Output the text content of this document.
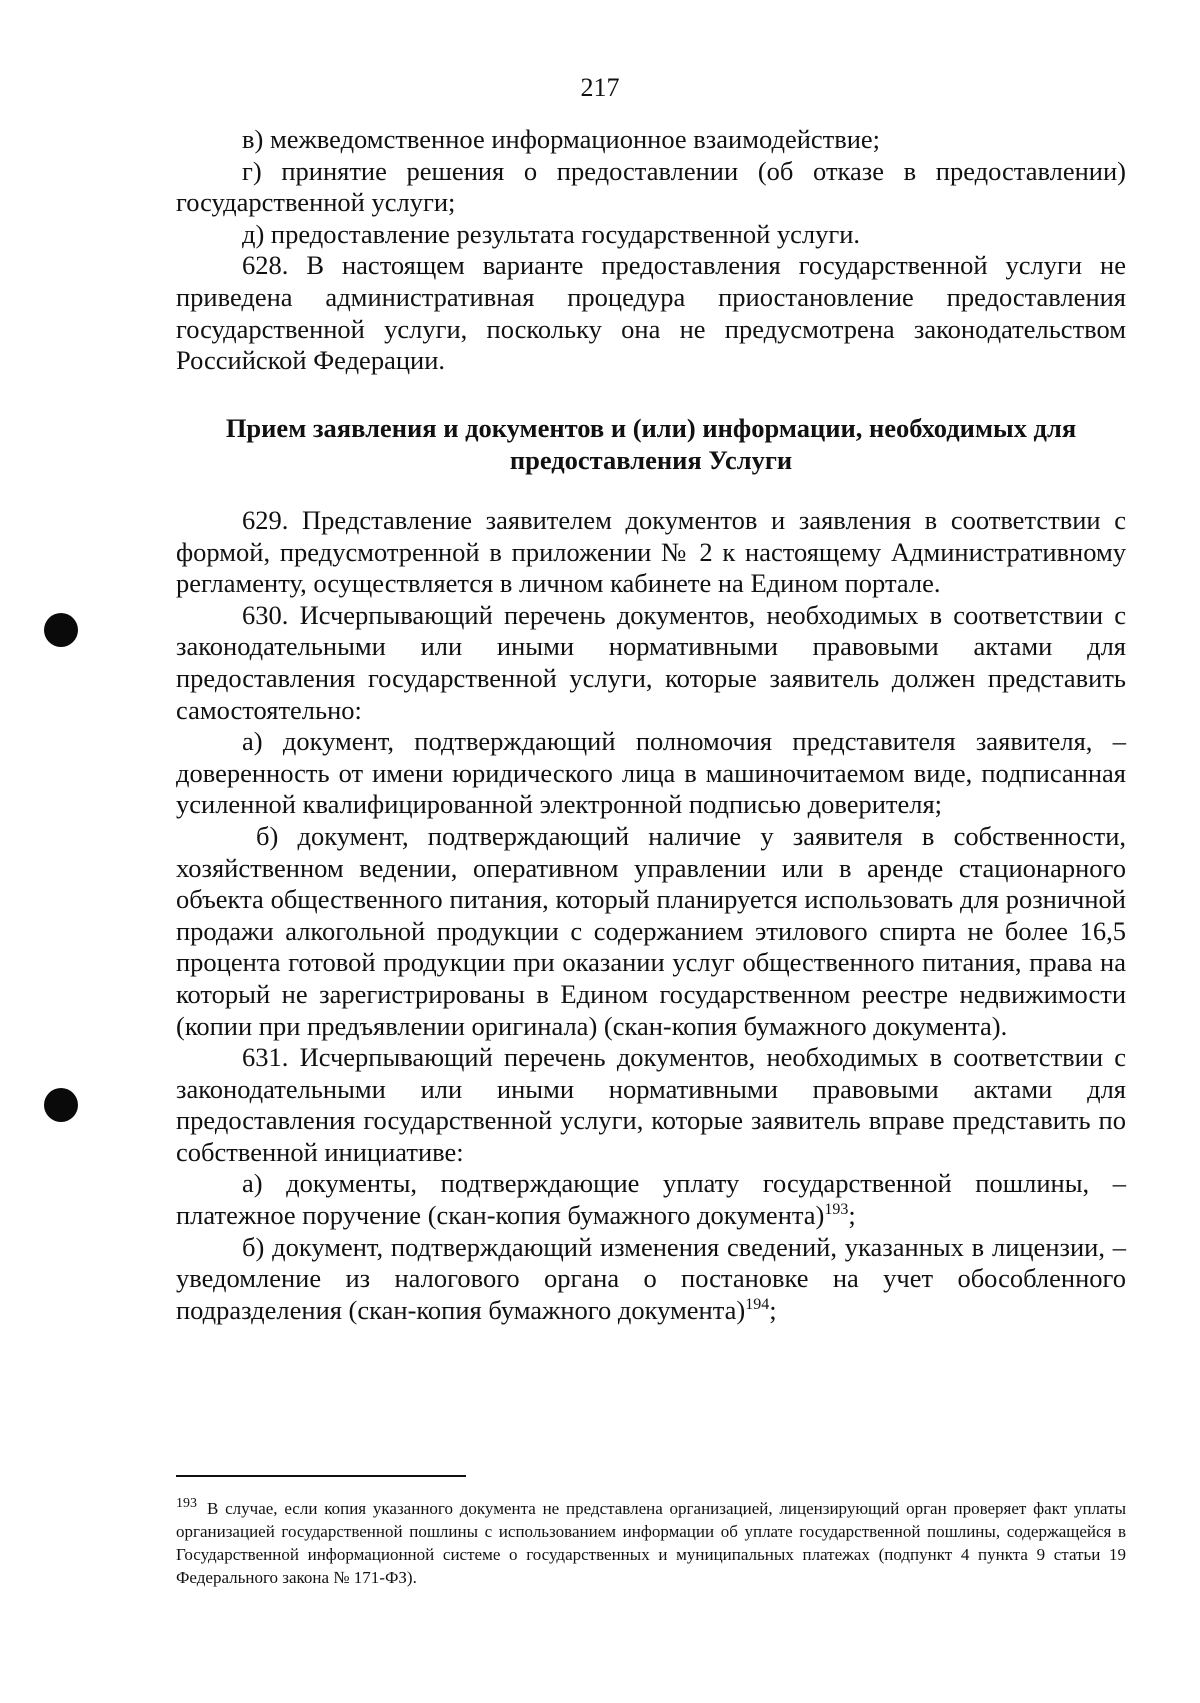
217

в) межведомственное информационное взаимодействие;

г) принятие решения о предоставлении (об отказе в предоставлении) государственной услуги;

д) предоставление результата государственной услуги.

628. В настоящем варианте предоставления государственной услуги не приведена административная процедура приостановление предоставления государственной услуги, поскольку она не предусмотрена законодательством Российской Федерации.

Прием заявления и документов и (или) информации, необходимых для
предоставления Услуги

629. Представление заявителем документов и заявления в соответствии с формой, предусмотренной в приложении № 2 к настоящему Административному регламенту, осуществляется в личном кабинете на Едином портале.

630. Исчерпывающий перечень документов, необходимых в соответствии с законодательными или иными нормативными правовыми актами для предоставления государственной услуги, которые заявитель должен представить самостоятельно:

а) документ, подтверждающий полномочия представителя заявителя, – доверенность от имени юридического лица в машиночитаемом виде, подписанная усиленной квалифицированной электронной подписью доверителя;

б) документ, подтверждающий наличие у заявителя в собственности, хозяйственном ведении, оперативном управлении или в аренде стационарного объекта общественного питания, который планируется использовать для розничной продажи алкогольной продукции с содержанием этилового спирта не более 16,5 процента готовой продукции при оказании услуг общественного питания, права на который не зарегистрированы в Едином государственном реестре недвижимости (копии при предъявлении оригинала) (скан-копия бумажного документа).

631. Исчерпывающий перечень документов, необходимых в соответствии с законодательными или иными нормативными правовыми актами для предоставления государственной услуги, которые заявитель вправе представить по собственной инициативе:

а) документы, подтверждающие уплату государственной пошлины, – платежное поручение (скан-копия бумажного документа)$^{193}$;

б) документ, подтверждающий изменения сведений, указанных в лицензии, – уведомление из налогового органа о постановке на учет обособленного подразделения (скан-копия бумажного документа)$^{194}$;

$^{193}$ В случае, если копия указанного документа не представлена организацией, лицензирующий орган проверяет факт уплаты организацией государственной пошлины с использованием информации об уплате государственной пошлины, содержащейся в Государственной информационной системе о государственных и муниципальных платежах (подпункт 4 пункта 9 статьи 19 Федерального закона № 171-ФЗ).
